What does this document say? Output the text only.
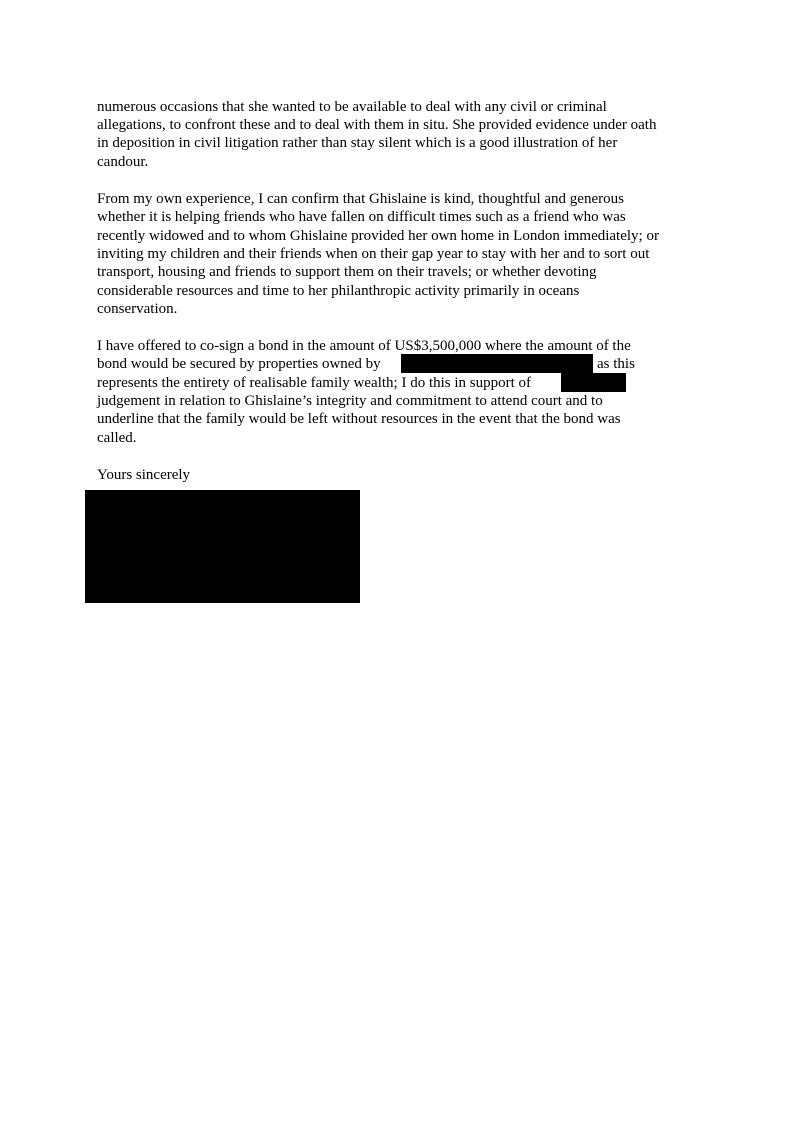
numerous occasions that she wanted to be available to deal with any civil or criminal
allegations, to confront these and to deal with them in situ. She provided evidence under oath
in deposition in civil litigation rather than stay silent which is a good illustration of her
candour.
From my own experience, I can confirm that Ghislaine is kind, thoughtful and generous
whether it is helping friends who have fallen on difficult times such as a friend who was
recently widowed and to whom Ghislaine provided her own home in London immediately; or
inviting my children and their friends when on their gap year to stay with her and to sort out
transport, housing and friends to support them on their travels; or whether devoting
considerable resources and time to her philanthropic activity primarily in oceans
conservation.
I have offered to co-sign a bond in the amount of US$3,500,000 where the amount of the
bond would be secured by properties owned by	as this
represents the entirety of realisable family wealth; I do this in support of
judgement in relation to Ghislaine’s integrity and commitment to attend court and to
underline that the family would be left without resources in the event that the bond was
called.
Yours sincerely
